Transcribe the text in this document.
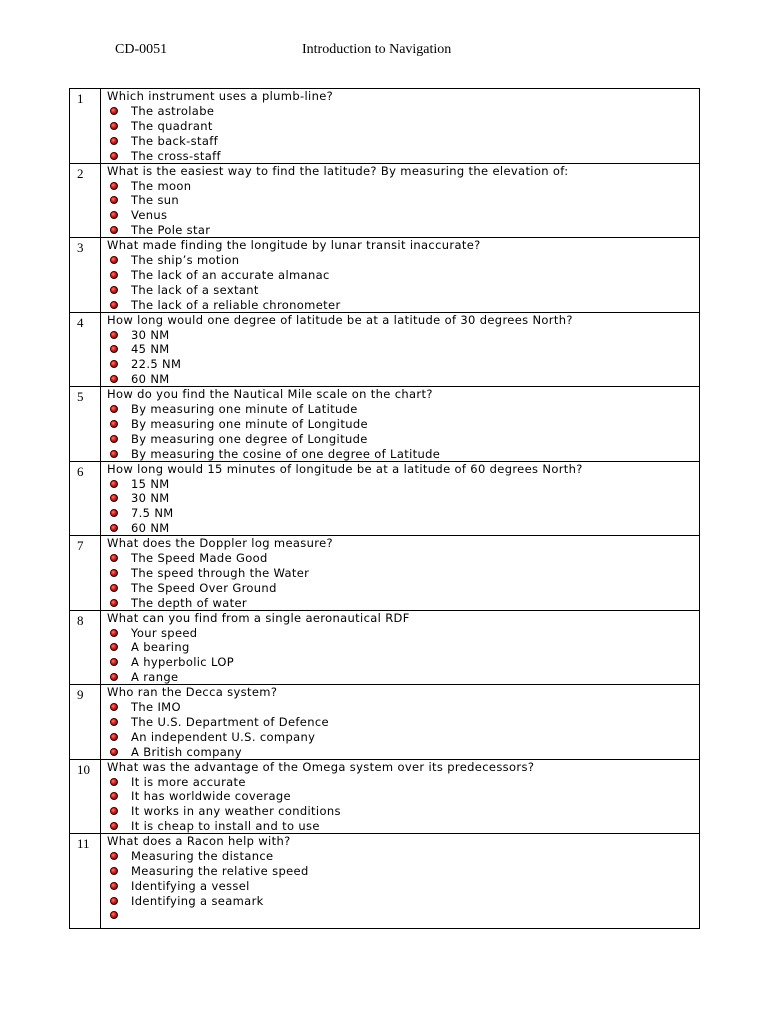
CD-0051	Introduction to Navigation
1	Which instrument uses a plumb-line?
The astrolabe
The quadrant
The back-staff
The cross-staff
2	What is the easiest way to find the latitude? By measuring the elevation of:
The moon
The sun
Venus
The Pole star
3	What made finding the longitude by lunar transit inaccurate?
The ship’s motion
The lack of an accurate almanac
The lack of a sextant
The lack of a reliable chronometer
4	How long would one degree of latitude be at a latitude of 30 degrees North?
30 NM
45 NM
22.5 NM
60 NM
5	How do you find the Nautical Mile scale on the chart?
By measuring one minute of Latitude
By measuring one minute of Longitude
By measuring one degree of Longitude
By measuring the cosine of one degree of Latitude
6	How long would 15 minutes of longitude be at a latitude of 60 degrees North?
15 NM
30 NM
7.5 NM
60 NM
7	What does the Doppler log measure?
The Speed Made Good
The speed through the Water
The Speed Over Ground
The depth of water
8	What can you find from a single aeronautical RDF
Your speed
A bearing
A hyperbolic LOP
A range
9	Who ran the Decca system?
The IMO
The U.S. Department of Defence
An independent U.S. company
A British company
10	What was the advantage of the Omega system over its predecessors?
It is more accurate
It has worldwide coverage
It works in any weather conditions
It is cheap to install and to use
11	What does a Racon help with?
Measuring the distance
Measuring the relative speed
Identifying a vessel
Identifying a seamark
